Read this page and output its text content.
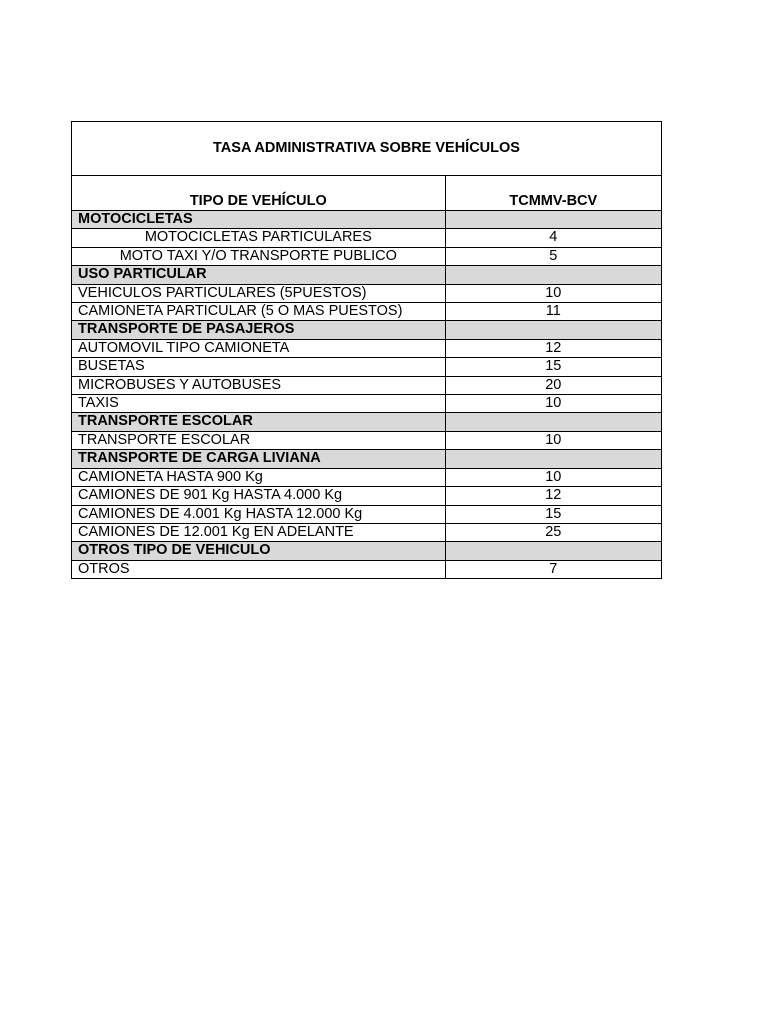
TASA ADMINISTRATIVA SOBRE VEHÍCULOS	
TIPO DE VEHÍCULO	TCMMV-BCV
MOTOCICLETAS	
MOTOCICLETAS PARTICULARES	4
MOTO TAXI Y/O TRANSPORTE PUBLICO	5
USO PARTICULAR	
VEHICULOS PARTICULARES (5PUESTOS)	10
CAMIONETA PARTICULAR (5 O MAS PUESTOS)	11
TRANSPORTE DE PASAJEROS	
AUTOMOVIL TIPO CAMIONETA	12
BUSETAS	15
MICROBUSES Y AUTOBUSES	20
TAXIS	10
TRANSPORTE ESCOLAR	
TRANSPORTE ESCOLAR	10
TRANSPORTE DE CARGA LIVIANA	
CAMIONETA HASTA 900 Kg	10
CAMIONES DE 901 Kg HASTA 4.000 Kg	12
CAMIONES DE 4.001 Kg HASTA 12.000 Kg	15
CAMIONES DE 12.001 Kg EN ADELANTE	25
OTROS TIPO DE VEHICULO	
OTROS	7
